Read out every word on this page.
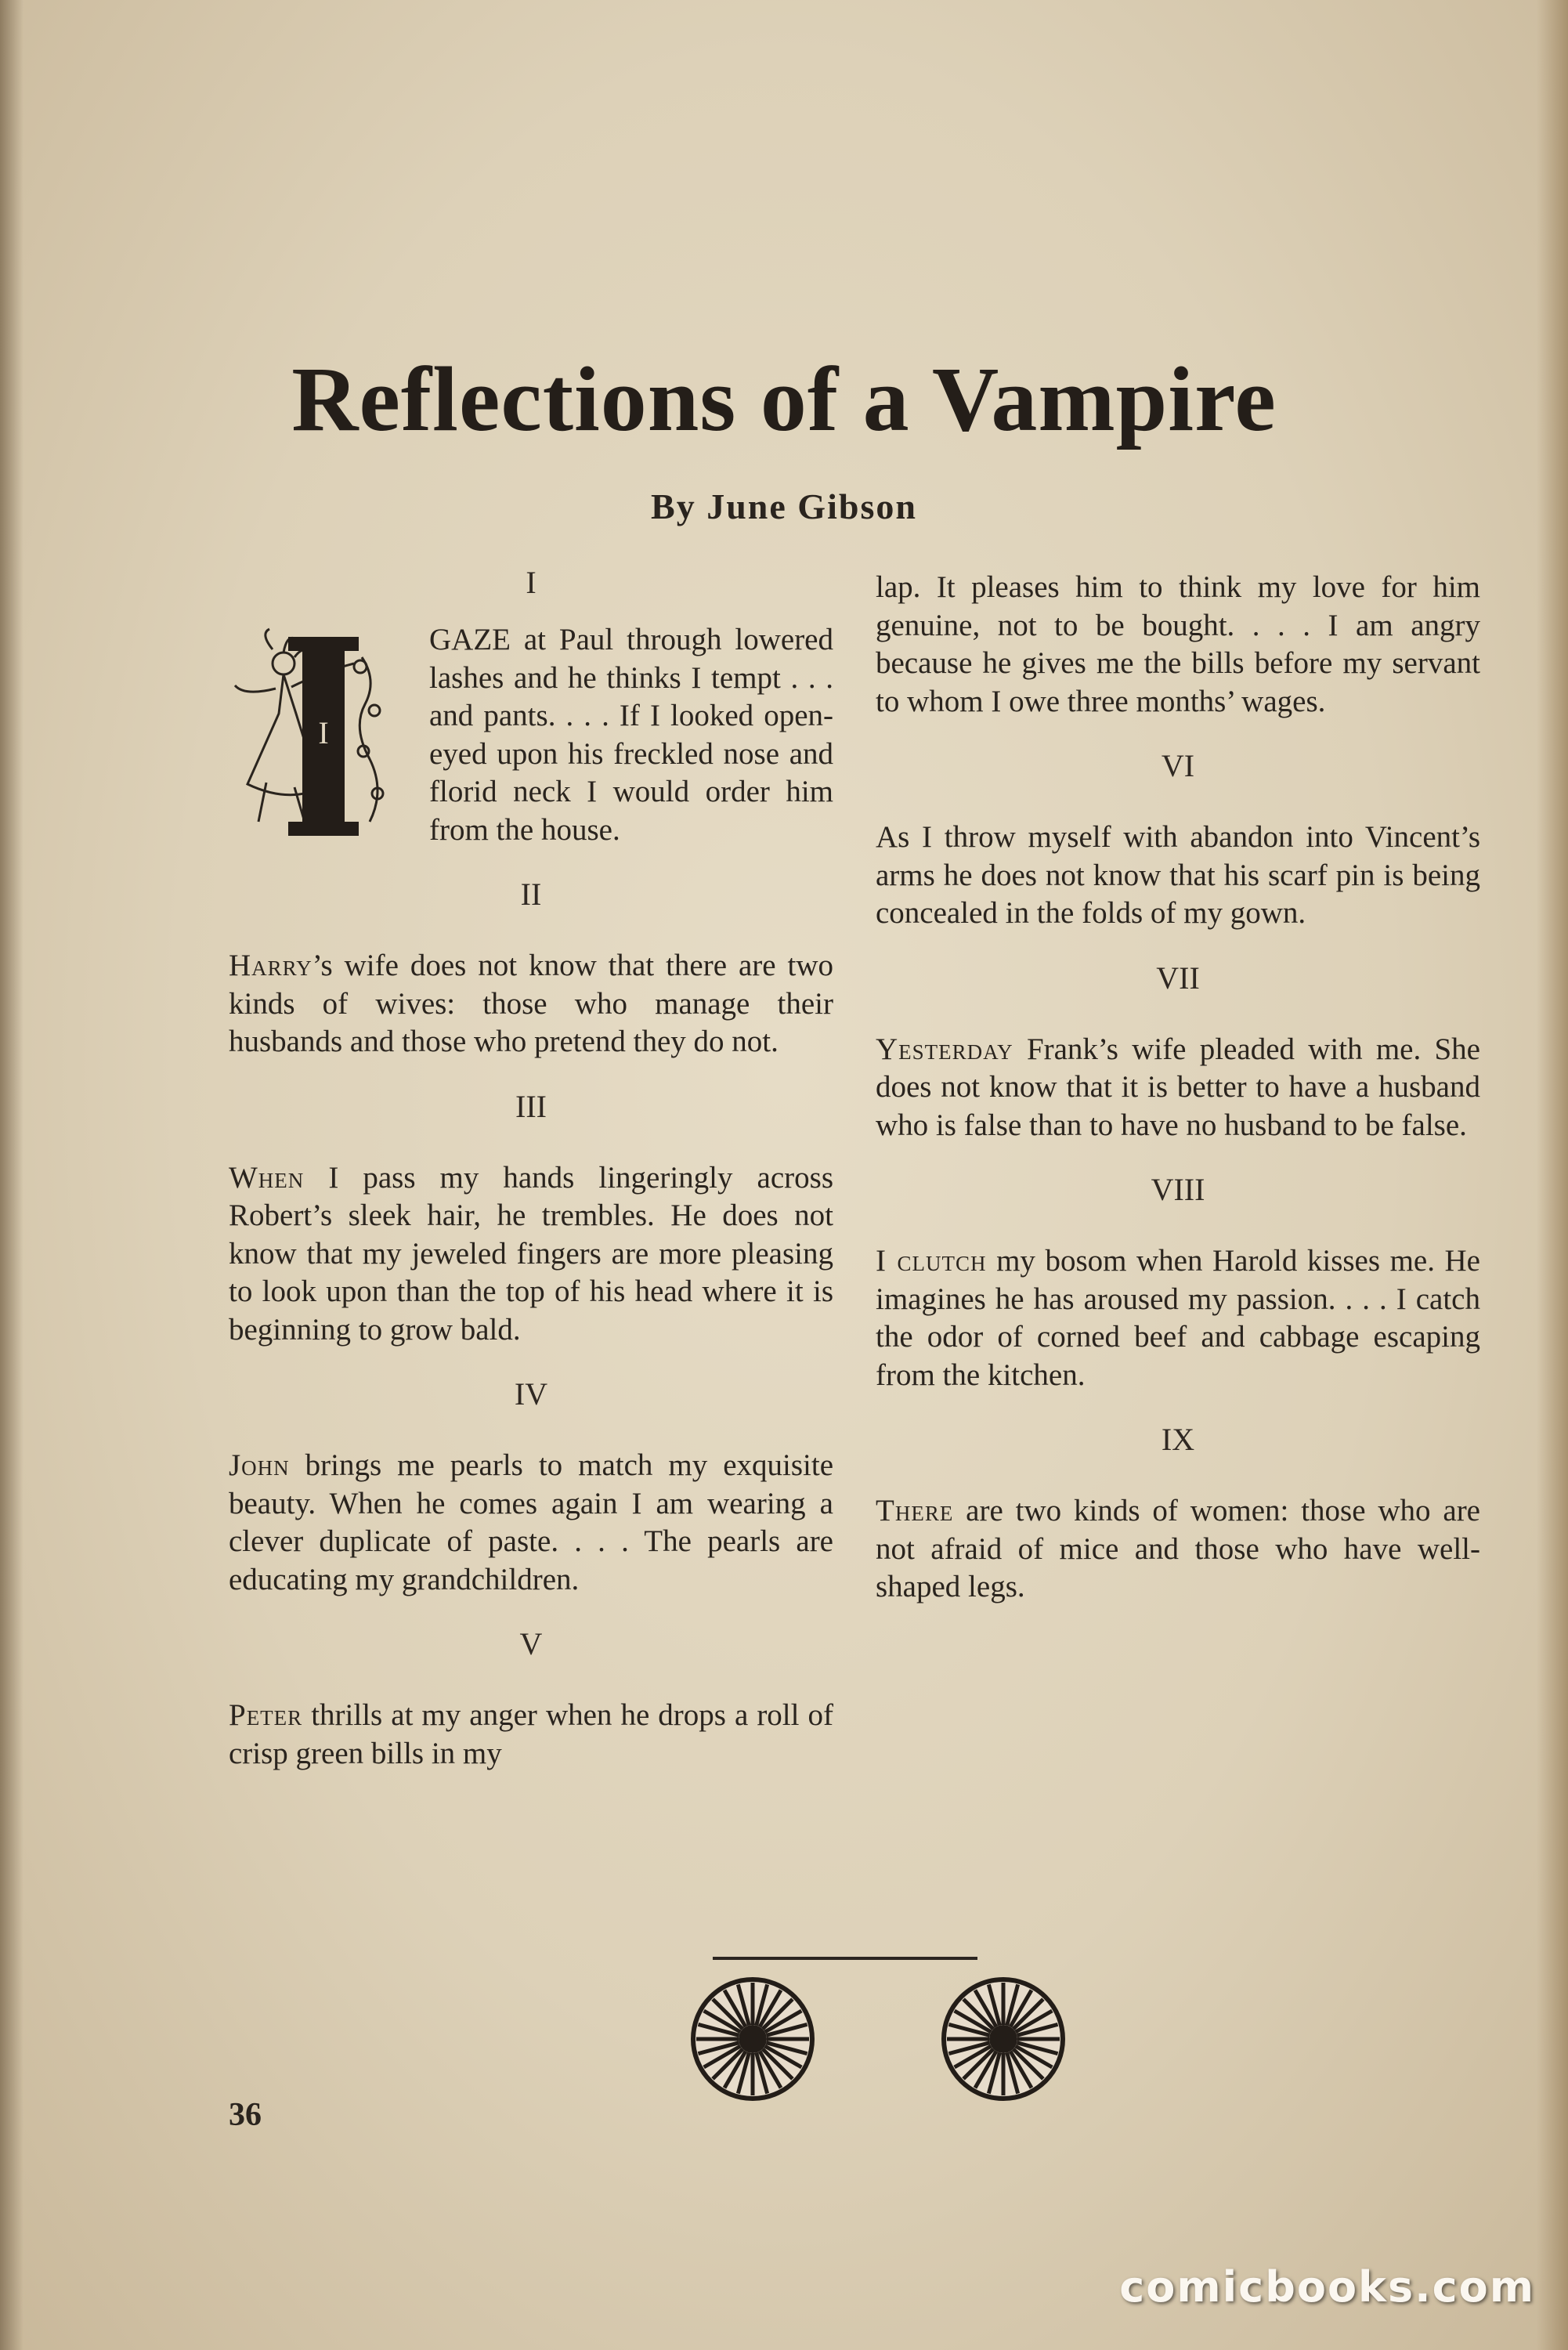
Reflections of a Vampire
By June Gibson
I
I

GAZE at Paul through lowered lashes and he thinks I tempt . . . and pants. . . . If I looked open-eyed upon his freckled nose and florid neck I would order him from the house.

II

Harry’s wife does not know that there are two kinds of wives: those who manage their husbands and those who pretend they do not.

III

When I pass my hands lingeringly across Robert’s sleek hair, he trembles. He does not know that my jeweled fingers are more pleasing to look upon than the top of his head where it is beginning to grow bald.

IV

John brings me pearls to match my exquisite beauty. When he comes again I am wearing a clever duplicate of paste. . . . The pearls are educating my grandchildren.

V

Peter thrills at my anger when he drops a roll of crisp green bills in my

lap. It pleases him to think my love for him genuine, not to be bought. . . . I am angry because he gives me the bills before my servant to whom I owe three months’ wages.

VI

As I throw myself with abandon into Vincent’s arms he does not know that his scarf pin is being concealed in the folds of my gown.

VII

Yesterday Frank’s wife pleaded with me. She does not know that it is better to have a husband who is false than to have no husband to be false.

VIII

I clutch my bosom when Harold kisses me. He imagines he has aroused my passion. . . . I catch the odor of corned beef and cabbage escaping from the kitchen.

IX

There are two kinds of women: those who are not afraid of mice and those who have well-shaped legs.

36
comicbooks.com
